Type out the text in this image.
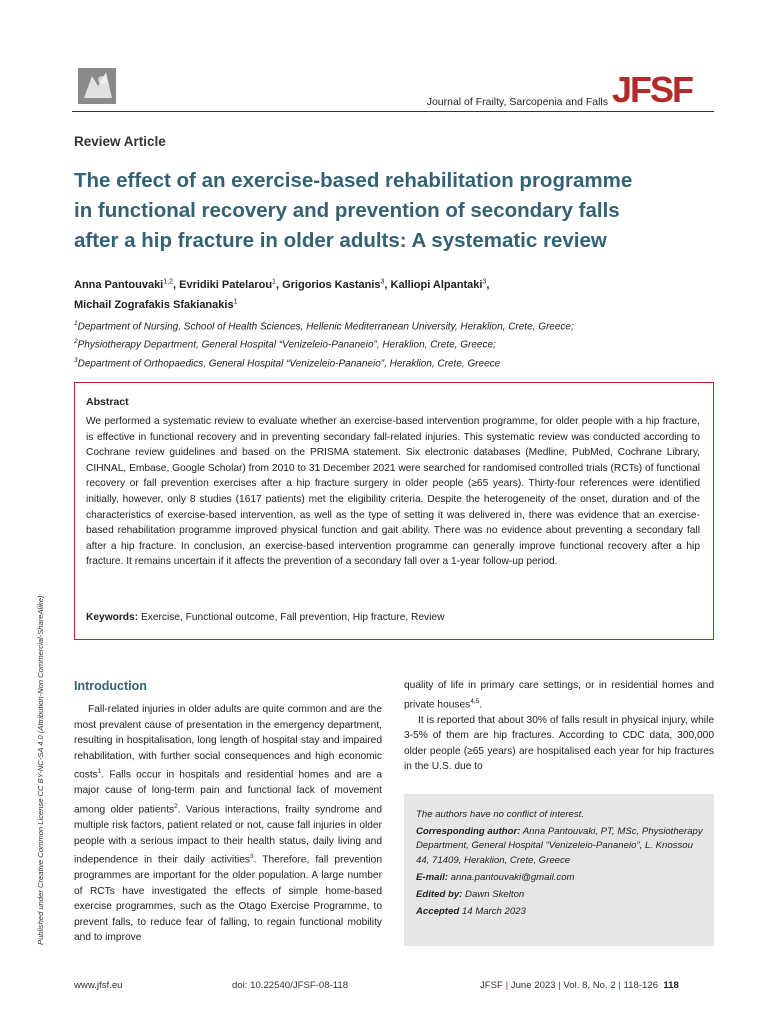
Journal of Frailty, Sarcopenia and Falls JFSF
Review Article
The effect of an exercise-based rehabilitation programme
in functional recovery and prevention of secondary falls
after a hip fracture in older adults: A systematic review
Anna Pantouvaki$^{1,2}$, Evridiki Patelarou$^1$, Grigorios Kastanis$^3$, Kalliopi Alpantaki$^3$,
Michail Zografakis Sfakianakis$^1$
$^1$Department of Nursing, School of Health Sciences, Hellenic Mediterranean University, Heraklion, Crete, Greece;
$^2$Physiotherapy Department, General Hospital “Venizeleio-Pananeio”, Heraklion, Crete, Greece;
$^3$Department of Orthopaedics, General Hospital “Venizeleio-Pananeio”, Heraklion, Crete, Greece
Abstract
We performed a systematic review to evaluate whether an exercise-based intervention programme, for older people with a hip fracture, is effective in functional recovery and in preventing secondary fall-related injuries. This systematic review was conducted according to Cochrane review guidelines and based on the PRISMA statement. Six electronic databases (Medline, PubMed, Cochrane Library, CIHNAL, Embase, Google Scholar) from 2010 to 31 December 2021 were searched for randomised controlled trials (RCTs) of functional recovery or fall prevention exercises after a hip fracture surgery in older people (≥65 years). Thirty-four references were identified initially, however, only 8 studies (1617 patients) met the eligibility criteria. Despite the heterogeneity of the onset, duration and of the characteristics of exercise-based intervention, as well as the type of setting it was delivered in, there was evidence that an exercise-based rehabilitation programme improved physical function and gait ability. There was no evidence about preventing a secondary fall after a hip fracture. In conclusion, an exercise-based intervention programme can generally improve functional recovery after a hip fracture. It remains uncertain if it affects the prevention of a secondary fall over a 1-year follow-up period.
Keywords: Exercise, Functional outcome, Fall prevention, Hip fracture, Review
Published under Creative Common License CC BY-NC-SA 4.0 (Attribution-Non Commercial-ShareAlike) Introduction

Fall-related injuries in older adults are quite common and are the most prevalent cause of presentation in the emergency department, resulting in hospitalisation, long length of hospital stay and impaired rehabilitation, with further social consequences and high economic costs$^1$. Falls occur in hospitals and residential homes and are a major cause of long-term pain and functional lack of movement among older patients$^2$. Various interactions, frailty syndrome and multiple risk factors, patient related or not, cause fall injuries in older people with a serious impact to their health status, daily living and independence in their daily activities$^3$. Therefore, fall prevention programmes are important for the older population. A large number of RCTs have investigated the effects of simple home-based exercise programmes, such as the Otago Exercise Programme, to prevent falls, to reduce fear of falling, to regain functional mobility and to improve

quality of life in primary care settings, or in residential homes and private houses$^{4,5}$.

It is reported that about 30% of falls result in physical injury, while 3-5% of them are hip fractures. According to CDC data, 300,000 older people (≥65 years) are hospitalised each year for hip fractures in the U.S. due to

The authors have no conflict of interest.
Corresponding author: Anna Pantouvaki, PT, MSc, Physiotherapy Department, General Hospital “Venizeleio-Pananeio”, L. Knossou 44, 71409, Heraklion, Crete, Greece
E-mail: anna.pantouvaki@gmail.com
Edited by: Dawn Skelton
Accepted 14 March 2023
www.jfsf.eu	doi: 10.22540/JFSF-08-118	JFSF | June 2023 | Vol. 8, No. 2 | 118-126 118
